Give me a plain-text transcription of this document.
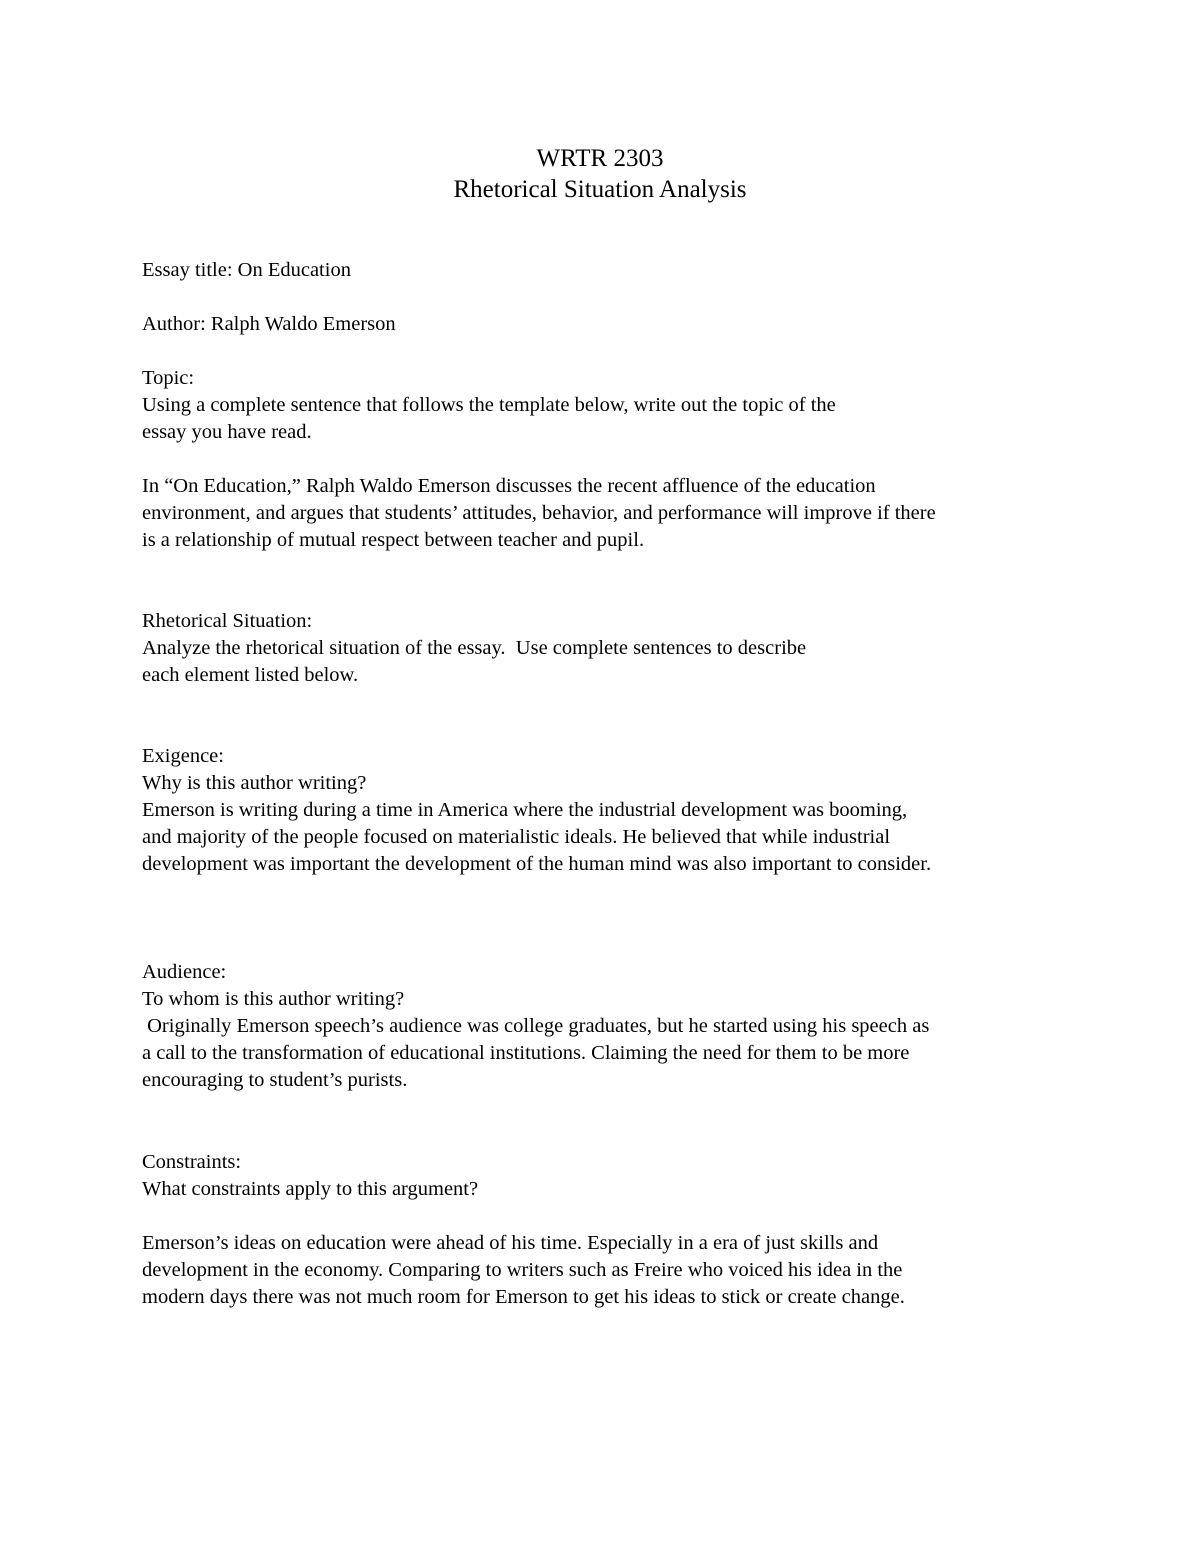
WRTR 2303
Rhetorical Situation Analysis
Essay title: On Education
Author: Ralph Waldo Emerson
Topic:
Using a complete sentence that follows the template below, write out the topic of the
essay you have read.
In “On Education,” Ralph Waldo Emerson discusses the recent affluence of the education
environment, and argues that students’ attitudes, behavior, and performance will improve if there
is a relationship of mutual respect between teacher and pupil.
Rhetorical Situation:
Analyze the rhetorical situation of the essay.  Use complete sentences to describe
each element listed below.
Exigence:
Why is this author writing?
Emerson is writing during a time in America where the industrial development was booming,
and majority of the people focused on materialistic ideals. He believed that while industrial
development was important the development of the human mind was also important to consider.
Audience:
To whom is this author writing?
Originally Emerson speech’s audience was college graduates, but he started using his speech as
a call to the transformation of educational institutions. Claiming the need for them to be more
encouraging to student’s purists.
Constraints:
What constraints apply to this argument?
Emerson’s ideas on education were ahead of his time. Especially in a era of just skills and
development in the economy. Comparing to writers such as Freire who voiced his idea in the
modern days there was not much room for Emerson to get his ideas to stick or create change.
